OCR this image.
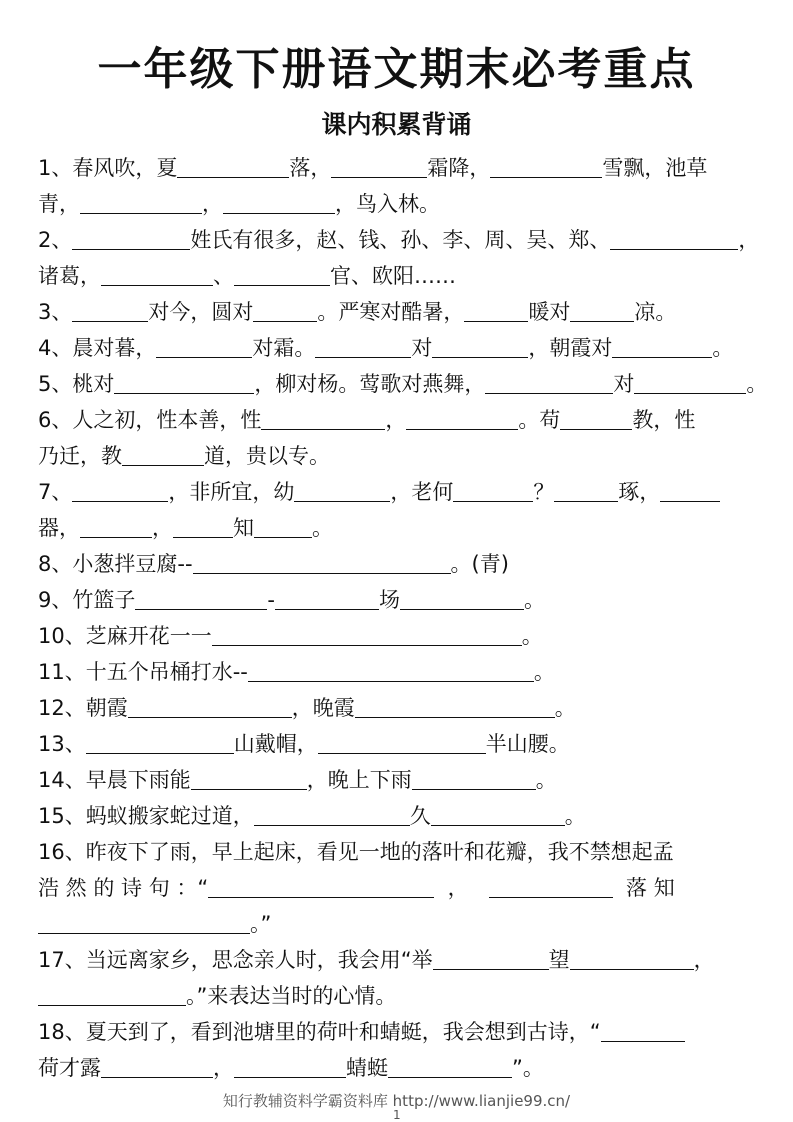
一年级下册语文期末必考重点
课内积累背诵
1、春风吹，夏	落，	霜降，	雪飘，池草
青，	，	，鸟入林。
2、	姓氏有很多，赵、钱、孙、李、周、吴、郑、	，
诸葛，	、	官、欧阳……
3、	对今，圆对	。严寒对酷暑，	暖对	凉。
4、晨对暮，	对霜。	对	，朝霞对	。
5、桃对	，柳对杨。莺歌对燕舞，	对	。
6、人之初，性本善，性	，	。苟	教，性
乃迁，教	道，贵以专。
7、	，非所宜，幼	，老何	？	琢，
器，	，	知	。
8、小葱拌豆腐--	。(青)
9、竹篮子	-	场	。
10、芝麻开花一一	。
11、十五个吊桶打水--	。
12、朝霞	，晚霞	。
13、	山戴帽，	半山腰。
14、早晨下雨能	，晚上下雨	。
15、蚂蚁搬家蛇过道，	久	。
16、昨夜下了雨，早上起床，看见一地的落叶和花瓣，我不禁想起孟
浩 然 的 诗 句 ：“	，	落 知
。”
17、当远离家乡，思念亲人时，我会用“举	望	，
。”来表达当时的心情。
18、夏天到了，看到池塘里的荷叶和蜻蜓，我会想到古诗，“
荷才露	，	蜻蜓	”。
知行教辅资料学霸资料库 http://www.lianjie99.cn/
1
